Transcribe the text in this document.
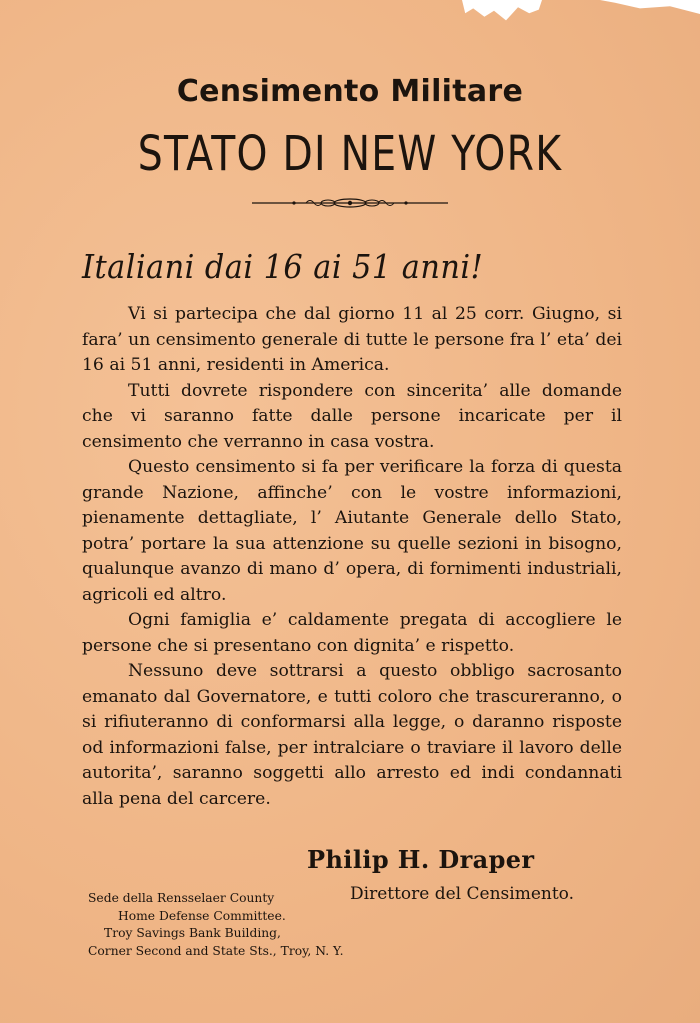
Censimento Militare
STATO DI NEW YORK
Italiani dai 16 ai 51 anni!

Vi si partecipa che dal giorno 11 al 25 corr. Giugno, si fara’ un censimento generale di tutte le persone fra l’ eta’ dei 16 ai 51 anni, residenti in America.

Tutti dovrete rispondere con sincerita’ alle domande che vi saranno fatte dalle persone incaricate per il censimento che verranno in casa vostra.

Questo censimento si fa per verificare la forza di questa grande Nazione, affinche’ con le vostre informazioni, pienamente dettagliate, l’ Aiutante Generale dello Stato, potra’ portare la sua attenzione su quelle sezioni in bisogno, qualunque avanzo di mano d’ opera, di fornimenti industriali, agricoli ed altro.

Ogni famiglia e’ caldamente pregata di accogliere le persone che si presentano con dignita’ e rispetto.

Nessuno deve sottrarsi a questo obbligo sacrosanto emanato dal Governatore, e tutti coloro che trascureranno, o si rifiuteranno di conformarsi alla legge, o daranno risposte od informazioni false, per intralciare o traviare il lavoro delle autorita’, saranno soggetti allo arresto ed indi condannati alla pena del carcere.

Philip H. Draper
Direttore del Censimento.
Sede della Rensselaer County
Home Defense Committee.
Troy Savings Bank Building,
Corner Second and State Sts., Troy, N. Y.
